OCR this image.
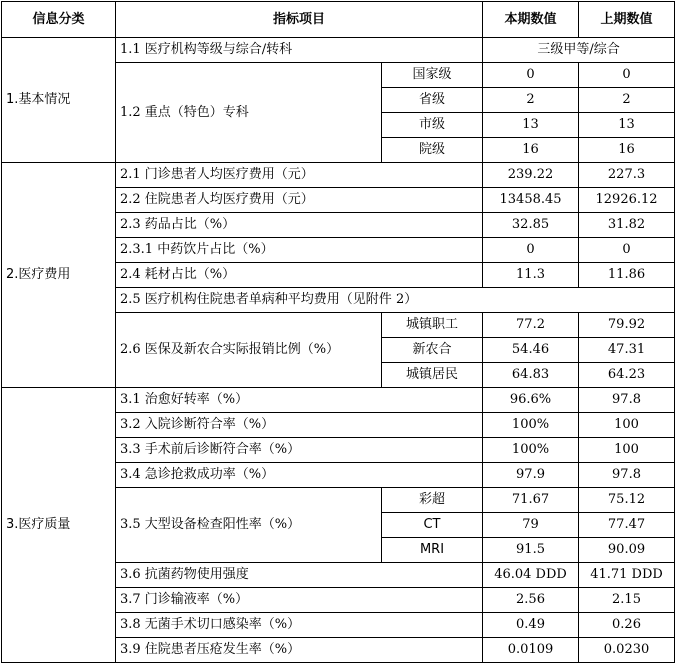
信息分类	指标项目		本期数值	上期数值
1.基本情况	1.1 医疗机构等级与综合/转科		三级甲等/综合	
	1.2 重点（特色）专科	国家级	0	0
		省级	2	2
		市级	13	13
		院级	16	16
2.医疗费用	2.1 门诊患者人均医疗费用（元）		239.22	227.3
	2.2 住院患者人均医疗费用（元）		13458.45	12926.12
	2.3 药品占比（%）		32.85	31.82
	2.3.1 中药饮片占比（%）		0	0
	2.4 耗材占比（%）		11.3	11.86
	2.5 医疗机构住院患者单病种平均费用（见附件 2）			
	2.6 医保及新农合实际报销比例（%）	城镇职工	77.2	79.92
		新农合	54.46	47.31
		城镇居民	64.83	64.23
3.医疗质量	3.1 治愈好转率（%）		96.6%	97.8
	3.2 入院诊断符合率（%）		100%	100
	3.3 手术前后诊断符合率（%）		100%	100
	3.4 急诊抢救成功率（%）		97.9	97.8
	3.5 大型设备检查阳性率（%）	彩超	71.67	75.12
		CT	79	77.47
		MRI	91.5	90.09
	3.6 抗菌药物使用强度		46.04 DDD	41.71 DDD
	3.7 门诊输液率（%）		2.56	2.15
	3.8 无菌手术切口感染率（%）		0.49	0.26
	3.9 住院患者压疮发生率（%）		0.0109	0.0230
